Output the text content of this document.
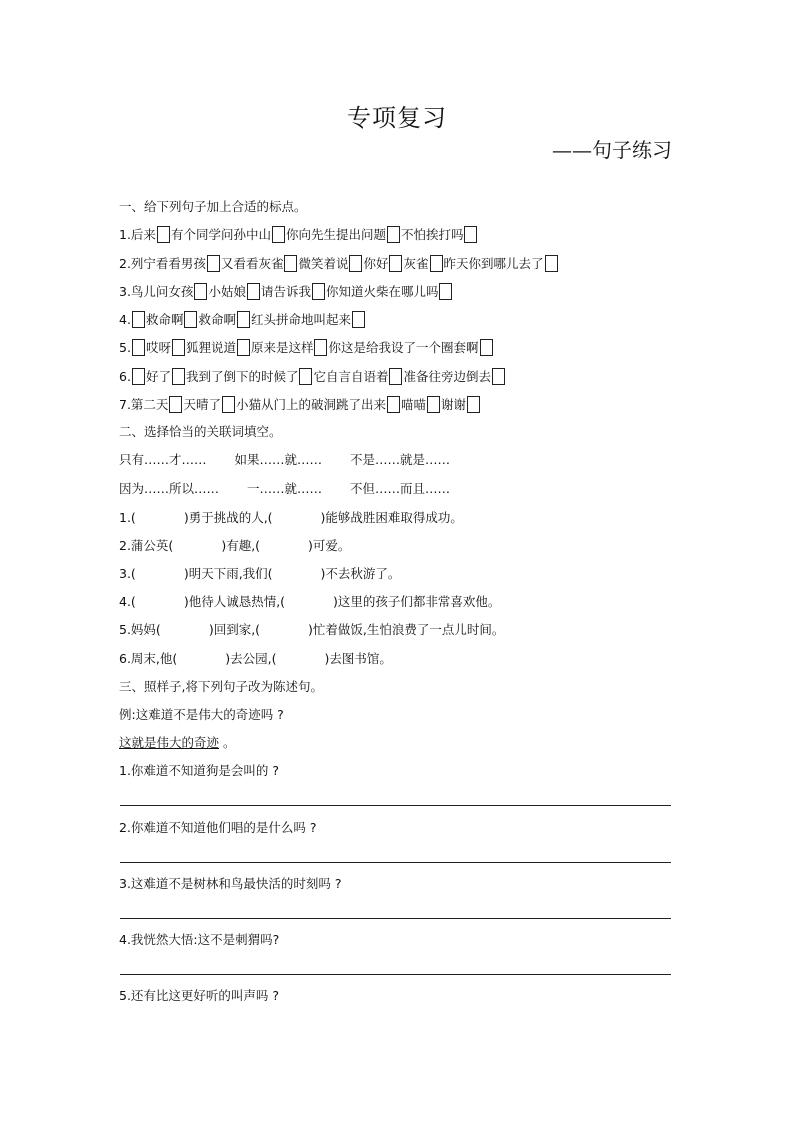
专项复习
——句子练习
一、给下列句子加上合适的标点。
1.后来 有个同学问孙中山 你向先生提出问题 不怕挨打吗
2.列宁看看男孩 又看看灰雀 微笑着说 你好 灰雀 昨天你到哪儿去了
3.鸟儿问女孩 小姑娘 请告诉我 你知道火柴在哪儿吗
4. 救命啊 救命啊 红头拼命地叫起来
5. 哎呀 狐狸说道 原来是这样 你这是给我设了一个圈套啊
6. 好了 我到了倒下的时候了 它自言自语着 准备往旁边倒去
7.第二天 天晴了 小猫从门上的破洞跳了出来 喵喵 谢谢
二、选择恰当的关联词填空。
只有……才…… 如果……就…… 不是……就是……
因为……所以…… 一……就…… 不但……而且……
1.(	)勇于挑战的人,(	)能够战胜困难取得成功。
2.蒲公英(	)有趣,(	)可爱。
3.(	)明天下雨,我们(	)不去秋游了。
4.(	)他待人诚恳热情,(	)这里的孩子们都非常喜欢他。
5.妈妈(	)回到家,(	)忙着做饭,生怕浪费了一点儿时间。
6.周末,他(	)去公园,(	)去图书馆。
三、照样子,将下列句子改为陈述句。
例:这难道不是伟大的奇迹吗 ?
这就是伟大的奇迹 。
1.你难道不知道狗是会叫的 ?
2.你难道不知道他们唱的是什么吗 ?
3.这难道不是树林和鸟最快活的时刻吗 ?
4.我恍然大悟:这不是刺猬吗?
5.还有比这更好听的叫声吗 ?
